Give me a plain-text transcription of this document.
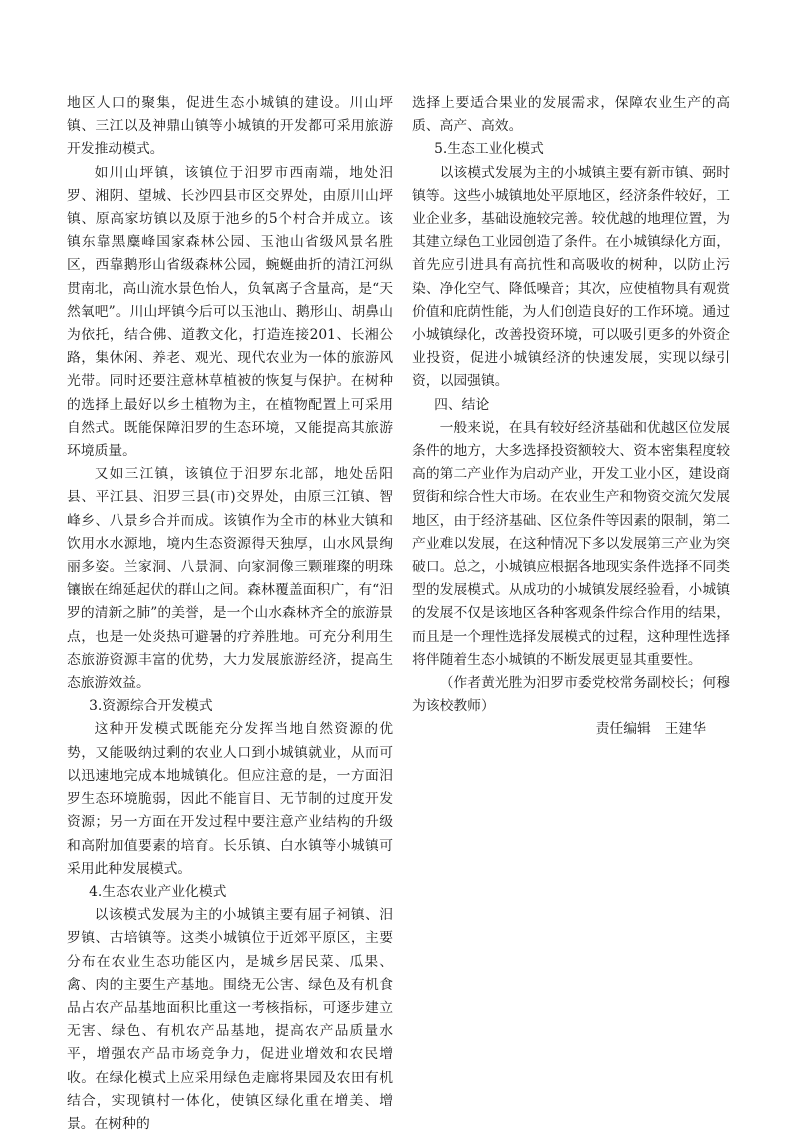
地区人口的聚集，促进生态小城镇的建设。川山坪镇、三江以及神鼎山镇等小城镇的开发都可采用旅游开发推动模式。

如川山坪镇，该镇位于汨罗市西南端，地处汨罗、湘阴、望城、长沙四县市区交界处，由原川山坪镇、原高家坊镇以及原于池乡的5个村合并成立。该镇东靠黑麋峰国家森林公园、玉池山省级风景名胜区，西靠鹅形山省级森林公园，蜿蜒曲折的清江河纵贯南北，高山流水景色怡人，负氧离子含量高，是“天然氧吧”。川山坪镇今后可以玉池山、鹅形山、胡鼻山为依托，结合佛、道教文化，打造连接201、长湘公路，集休闲、养老、观光、现代农业为一体的旅游风光带。同时还要注意林草植被的恢复与保护。在树种的选择上最好以乡土植物为主，在植物配置上可采用自然式。既能保障汨罗的生态环境，又能提高其旅游环境质量。

又如三江镇，该镇位于汨罗东北部，地处岳阳县、平江县、汨罗三县(市)交界处，由原三江镇、智峰乡、八景乡合并而成。该镇作为全市的林业大镇和饮用水水源地，境内生态资源得天独厚，山水风景绚丽多姿。兰家洞、八景洞、向家洞像三颗璀璨的明珠镶嵌在绵延起伏的群山之间。森林覆盖面积广，有“汨罗的清新之肺”的美誉，是一个山水森林齐全的旅游景点，也是一处炎热可避暑的疗养胜地。可充分利用生态旅游资源丰富的优势，大力发展旅游经济，提高生态旅游效益。

3.资源综合开发模式

这种开发模式既能充分发挥当地自然资源的优势，又能吸纳过剩的农业人口到小城镇就业，从而可以迅速地完成本地城镇化。但应注意的是，一方面汨罗生态环境脆弱，因此不能盲目、无节制的过度开发资源；另一方面在开发过程中要注意产业结构的升级和高附加值要素的培育。长乐镇、白水镇等小城镇可采用此种发展模式。

4.生态农业产业化模式

以该模式发展为主的小城镇主要有屈子祠镇、汨罗镇、古培镇等。这类小城镇位于近郊平原区，主要分布在农业生态功能区内，是城乡居民菜、瓜果、禽、肉的主要生产基地。围绕无公害、绿色及有机食品占农产品基地面积比重这一考核指标，可逐步建立无害、绿色、有机农产品基地，提高农产品质量水平，增强农产品市场竞争力，促进业增效和农民增收。在绿化模式上应采用绿色走廊将果园及农田有机结合，实现镇村一体化，使镇区绿化重在增美、增景。在树种的

选择上要适合果业的发展需求，保障农业生产的高质、高产、高效。

5.生态工业化模式

以该模式发展为主的小城镇主要有新市镇、弼时镇等。这些小城镇地处平原地区，经济条件较好，工业企业多，基础设施较完善。较优越的地理位置，为其建立绿色工业园创造了条件。在小城镇绿化方面，首先应引进具有高抗性和高吸收的树种，以防止污染、净化空气、降低噪音；其次，应使植物具有观赏价值和庇荫性能，为人们创造良好的工作环境。通过小城镇绿化，改善投资环境，可以吸引更多的外资企业投资，促进小城镇经济的快速发展，实现以绿引资，以园强镇。

四、结论

一般来说，在具有较好经济基础和优越区位发展条件的地方，大多选择投资额较大、资本密集程度较高的第二产业作为启动产业，开发工业小区，建设商贸街和综合性大市场。在农业生产和物资交流欠发展地区，由于经济基础、区位条件等因素的限制，第二产业难以发展，在这种情况下多以发展第三产业为突破口。总之，小城镇应根据各地现实条件选择不同类型的发展模式。从成功的小城镇发展经验看，小城镇的发展不仅是该地区各种客观条件综合作用的结果，而且是一个理性选择发展模式的过程，这种理性选择将伴随着生态小城镇的不断发展更显其重要性。

（作者黄光胜为汨罗市委党校常务副校长；何穆为该校教师）

责任编辑　王建华
